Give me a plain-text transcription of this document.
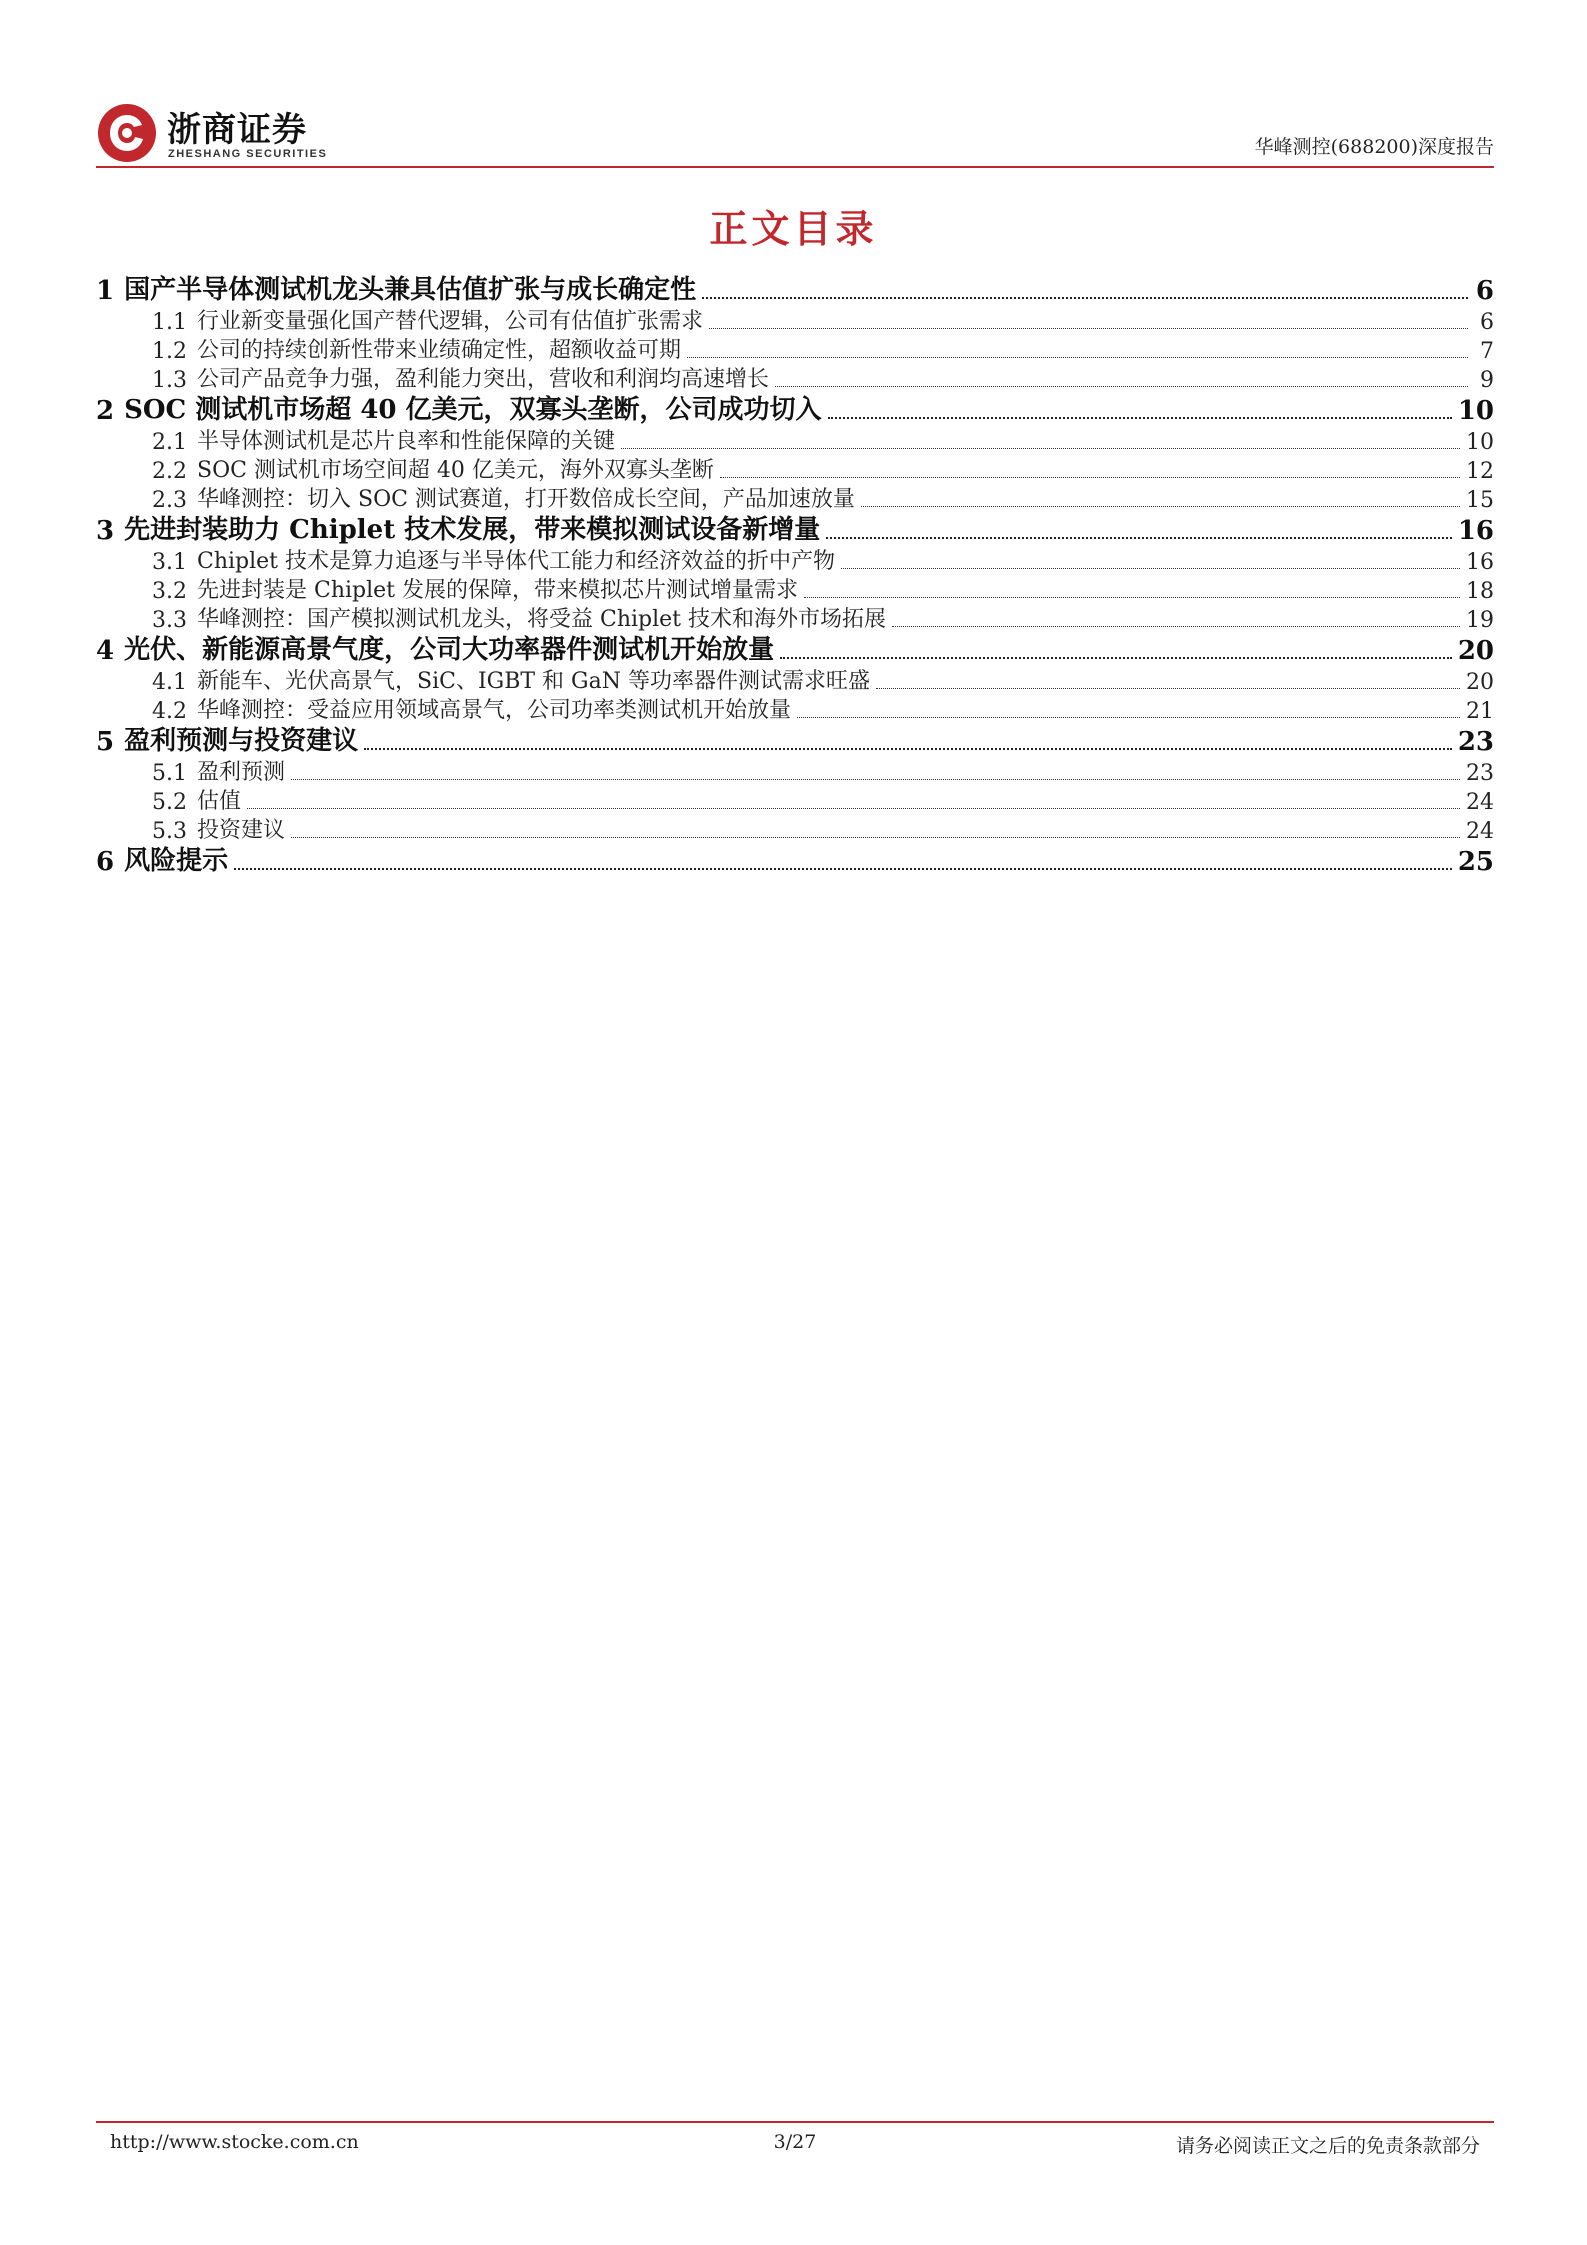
浙商证券
ZHESHANG SECURITIES	华峰测控(688200)深度报告
正文目录
1 国产半导体测试机龙头兼具估值扩张与成长确定性	6
1.1 行业新变量强化国产替代逻辑，公司有估值扩张需求	6
1.2 公司的持续创新性带来业绩确定性，超额收益可期	7
1.3 公司产品竞争力强，盈利能力突出，营收和利润均高速增长	9
2 SOC 测试机市场超 40 亿美元，双寡头垄断，公司成功切入	10
2.1 半导体测试机是芯片良率和性能保障的关键	10
2.2 SOC 测试机市场空间超 40 亿美元，海外双寡头垄断	12
2.3 华峰测控：切入 SOC 测试赛道，打开数倍成长空间，产品加速放量	15
3 先进封装助力 Chiplet 技术发展，带来模拟测试设备新增量	16
3.1 Chiplet 技术是算力追逐与半导体代工能力和经济效益的折中产物	16
3.2 先进封装是 Chiplet 发展的保障，带来模拟芯片测试增量需求	18
3.3 华峰测控：国产模拟测试机龙头，将受益 Chiplet 技术和海外市场拓展	19
4 光伏、新能源高景气度，公司大功率器件测试机开始放量	20
4.1 新能车、光伏高景气，SiC、IGBT 和 GaN 等功率器件测试需求旺盛	20
4.2 华峰测控：受益应用领域高景气，公司功率类测试机开始放量	21
5 盈利预测与投资建议	23
5.1 盈利预测	23
5.2 估值	24
5.3 投资建议	24
6 风险提示	25
http://www.stocke.com.cn	3/27	请务必阅读正文之后的免责条款部分
